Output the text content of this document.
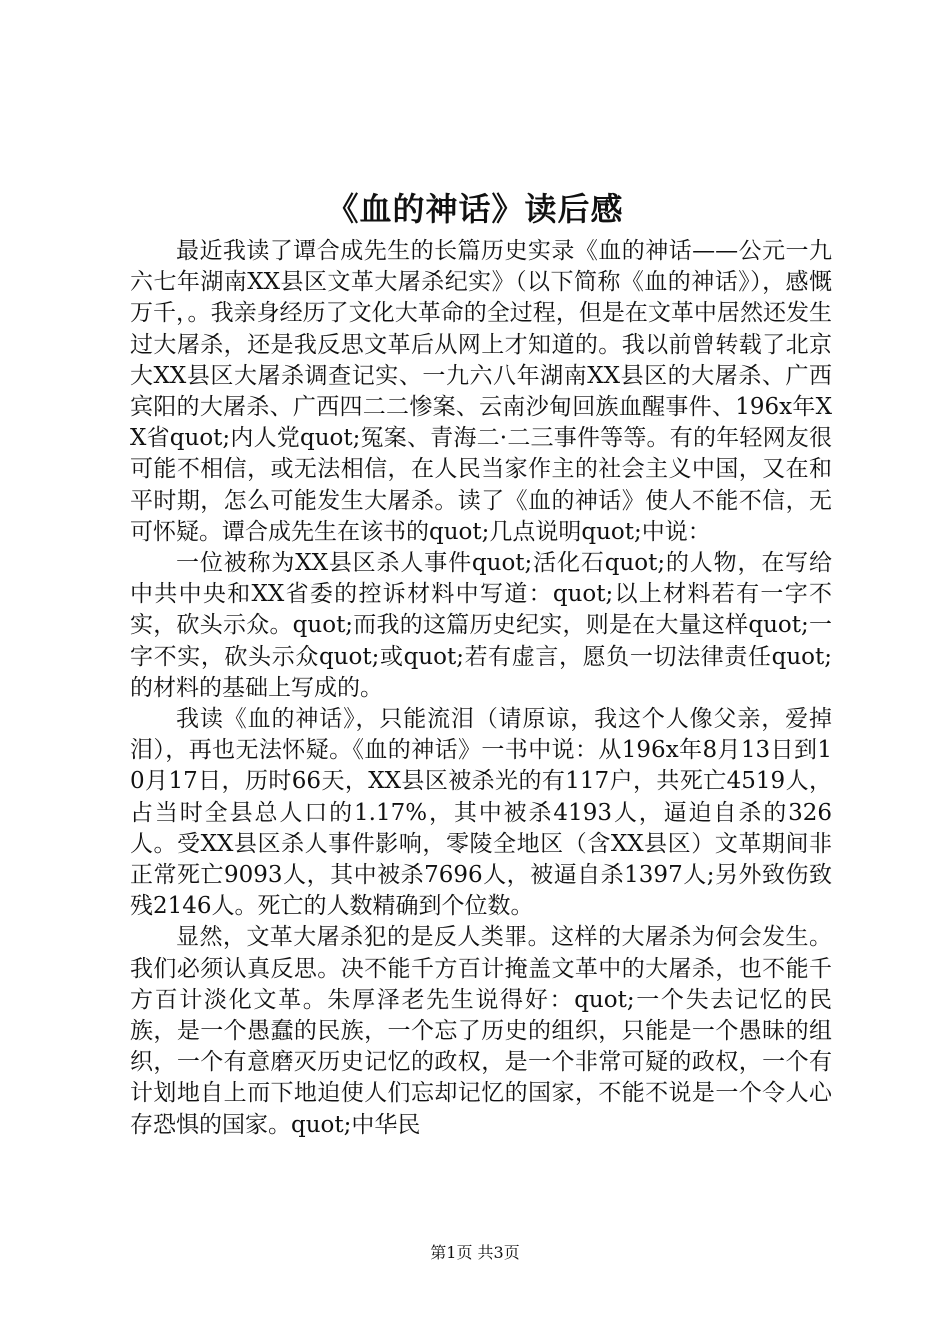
《血的神话》读后感

最近我读了谭合成先生的长篇历史实录《血的神话——公元一九六七年湖南XX县区文革大屠杀纪实》（以下简称《血的神话》），感慨万千，。我亲身经历了文化大革命的全过程，但是在文革中居然还发生过大屠杀，还是我反思文革后从网上才知道的。我以前曾转载了北京大XX县区大屠杀调查记实、一九六八年湖南XX县区的大屠杀、广西宾阳的大屠杀、广西四二二惨案、云南沙甸回族血醒事件、196x年XX省quot;内人党quot;冤案、青海二·二三事件等等。有的年轻网友很可能不相信，或无法相信，在人民当家作主的社会主义中国，又在和平时期，怎么可能发生大屠杀。读了《血的神话》使人不能不信，无可怀疑。谭合成先生在该书的quot;几点说明quot;中说：

一位被称为XX县区杀人事件quot;活化石quot;的人物，在写给中共中央和XX省委的控诉材料中写道：quot;以上材料若有一字不实，砍头示众。quot;而我的这篇历史纪实，则是在大量这样quot;一字不实，砍头示众quot;或quot;若有虚言，愿负一切法律责任quot;的材料的基础上写成的。

我读《血的神话》，只能流泪（请原谅，我这个人像父亲，爱掉泪），再也无法怀疑。《血的神话》一书中说：从196x年8月13日到10月17日，历时66天，XX县区被杀光的有117户，共死亡4519人，占当时全县总人口的1.17%，其中被杀4193人，逼迫自杀的326人。受XX县区杀人事件影响，零陵全地区（含XX县区）文革期间非正常死亡9093人，其中被杀7696人，被逼自杀1397人;另外致伤致残2146人。死亡的人数精确到个位数。

显然，文革大屠杀犯的是反人类罪。这样的大屠杀为何会发生。我们必须认真反思。决不能千方百计掩盖文革中的大屠杀，也不能千方百计淡化文革。朱厚泽老先生说得好：quot;一个失去记忆的民族，是一个愚蠢的民族，一个忘了历史的组织，只能是一个愚昧的组织，一个有意磨灭历史记忆的政权，是一个非常可疑的政权，一个有计划地自上而下地迫使人们忘却记忆的国家，不能不说是一个令人心存恐惧的国家。quot;中华民

第1页 共3页
